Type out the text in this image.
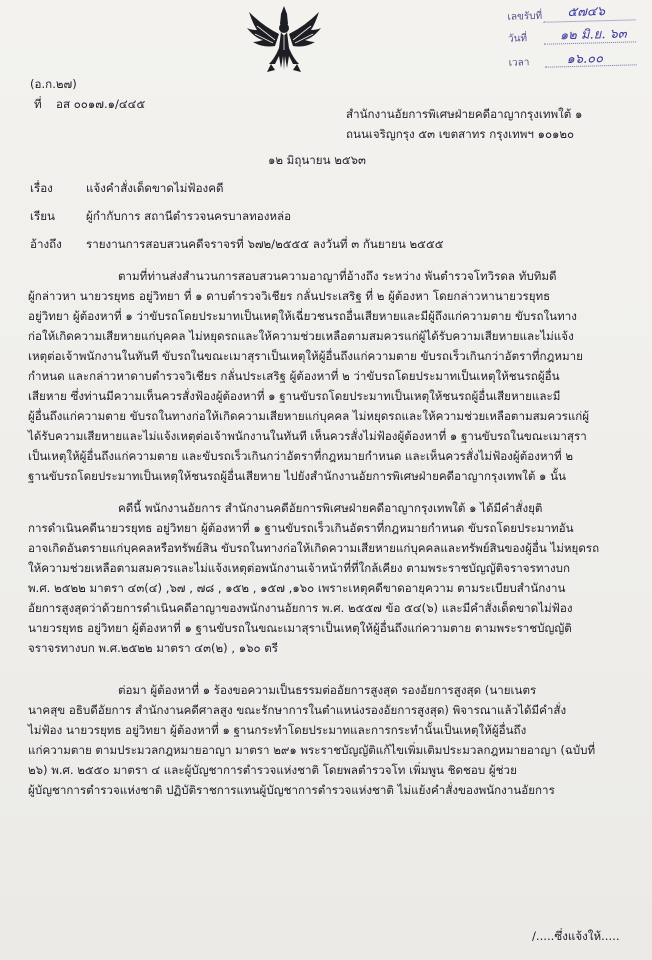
เลขรับที่ ๕๗๔๖
วันที่	๑๒ มิ.ย. ๖๓
เวลา	๑๖.๐๐
(อ.ก.๒๗)
ที่ อส ๐๐๑๗.๑/๔๔๕
สำนักงานอัยการพิเศษฝ่ายคดีอาญากรุงเทพใต้ ๑
ถนนเจริญกรุง ๕๓ เขตสาทร กรุงเทพฯ ๑๐๑๒๐
๑๒ มิถุนายน ๒๕๖๓
เรื่อง	แจ้งคำสั่งเด็ดขาดไม่ฟ้องคดี
เรียน	ผู้กำกับการ สถานีตำรวจนครบาลทองหล่อ
อ้างถึง รายงานการสอบสวนคดีจราจรที่ ๖๗๒/๒๕๕๕ ลงวันที่ ๓ กันยายน ๒๕๕๕
ตามที่ท่านส่งสำนวนการสอบสวนความอาญาที่อ้างถึง ระหว่าง พันตำรวจโทวิรดล ทับทิมดี
ผู้กล่าวหา นายวรยุทธ อยู่วิทยา ที่ ๑ ดาบตำรวจวิเชียร กลั่นประเสริฐ ที่ ๒ ผู้ต้องหา โดยกล่าวหานายวรยุทธ
อยู่วิทยา ผู้ต้องหาที่ ๑ ว่าขับรถโดยประมาทเป็นเหตุให้เฉี่ยวชนรถอื่นเสียหายและมีผู้ถึงแก่ความตาย ขับรถในทาง
ก่อให้เกิดความเสียหายแก่บุคคล ไม่หยุดรถและให้ความช่วยเหลือตามสมควรแก่ผู้ได้รับความเสียหายและไม่แจ้ง
เหตุต่อเจ้าพนักงานในทันที ขับรถในขณะเมาสุราเป็นเหตุให้ผู้อื่นถึงแก่ความตาย ขับรถเร็วเกินกว่าอัตราที่กฎหมาย
กำหนด และกล่าวหาดาบตำรวจวิเชียร กลั่นประเสริฐ ผู้ต้องหาที่ ๒ ว่าขับรถโดยประมาทเป็นเหตุให้ชนรถผู้อื่น
เสียหาย ซึ่งท่านมีความเห็นควรสั่งฟ้องผู้ต้องหาที่ ๑ ฐานขับรถโดยประมาทเป็นเหตุให้ชนรถผู้อื่นเสียหายและมี
ผู้อื่นถึงแก่ความตาย ขับรถในทางก่อให้เกิดความเสียหายแก่บุคคล ไม่หยุดรถและให้ความช่วยเหลือตามสมควรแก่ผู้
ได้รับความเสียหายและไม่แจ้งเหตุต่อเจ้าพนักงานในทันที เห็นควรสั่งไม่ฟ้องผู้ต้องหาที่ ๑ ฐานขับรถในขณะเมาสุรา
เป็นเหตุให้ผู้อื่นถึงแก่ความตาย และขับรถเร็วเกินกว่าอัตราที่กฎหมายกำหนด และเห็นควรสั่งไม่ฟ้องผู้ต้องหาที่ ๒
ฐานขับรถโดยประมาทเป็นเหตุให้ชนรถผู้อื่นเสียหาย ไปยังสำนักงานอัยการพิเศษฝ่ายคดีอาญากรุงเทพใต้ ๑ นั้น
คดีนี้ พนักงานอัยการ สำนักงานคดีอัยการพิเศษฝ่ายคดีอาญากรุงเทพใต้ ๑ ได้มีคำสั่งยุติ
การดำเนินคดีนายวรยุทธ อยู่วิทยา ผู้ต้องหาที่ ๑ ฐานขับรถเร็วเกินอัตราที่กฎหมายกำหนด ขับรถโดยประมาทอัน
อาจเกิดอันตรายแก่บุคคลหรือทรัพย์สิน ขับรถในทางก่อให้เกิดความเสียหายแก่บุคคลและทรัพย์สินของผู้อื่น ไม่หยุดรถ
ให้ความช่วยเหลือตามสมควรและไม่แจ้งเหตุต่อพนักงานเจ้าหน้าที่ที่ใกล้เคียง ตามพระราชบัญญัติจราจรทางบก
พ.ศ. ๒๕๒๒ มาตรา ๔๓(๔) ,๖๗ , ๗๘ , ๑๕๒ , ๑๕๗ ,๑๖๐ เพราะเหตุคดีขาดอายุความ ตามระเบียบสำนักงาน
อัยการสูงสุดว่าด้วยการดำเนินคดีอาญาของพนักงานอัยการ พ.ศ. ๒๕๕๗ ข้อ ๕๔(๖) และมีคำสั่งเด็ดขาดไม่ฟ้อง
นายวรยุทธ อยู่วิทยา ผู้ต้องหาที่ ๑ ฐานขับรถในขณะเมาสุราเป็นเหตุให้ผู้อื่นถึงแก่ความตาย ตามพระราชบัญญัติ
จราจรทางบก พ.ศ.๒๕๒๒ มาตรา ๔๓(๒) , ๑๖๐ ตรี
ต่อมา ผู้ต้องหาที่ ๑ ร้องขอความเป็นธรรมต่ออัยการสูงสุด รองอัยการสูงสุด (นายเนตร
นาคสุข อธิบดีอัยการ สำนักงานคดีศาลสูง ขณะรักษาการในตำแหน่งรองอัยการสูงสุด) พิจารณาแล้วได้มีคำสั่ง
ไม่ฟ้อง นายวรยุทธ อยู่วิทยา ผู้ต้องหาที่ ๑ ฐานกระทำโดยประมาทและการกระทำนั้นเป็นเหตุให้ผู้อื่นถึง
แก่ความตาย ตามประมวลกฎหมายอาญา มาตรา ๒๙๑ พระราชบัญญัติแก้ไขเพิ่มเติมประมวลกฎหมายอาญา (ฉบับที่
๒๖) พ.ศ. ๒๕๕๐ มาตรา ๔ และผู้บัญชาการตำรวจแห่งชาติ โดยพลตำรวจโท เพิ่มพูน ชิดชอบ ผู้ช่วย
ผู้บัญชาการตำรวจแห่งชาติ ปฏิบัติราชการแทนผู้บัญชาการตำรวจแห่งชาติ ไม่แย้งคำสั่งของพนักงานอัยการ
/.....ซึ่งแจ้งให้.....
